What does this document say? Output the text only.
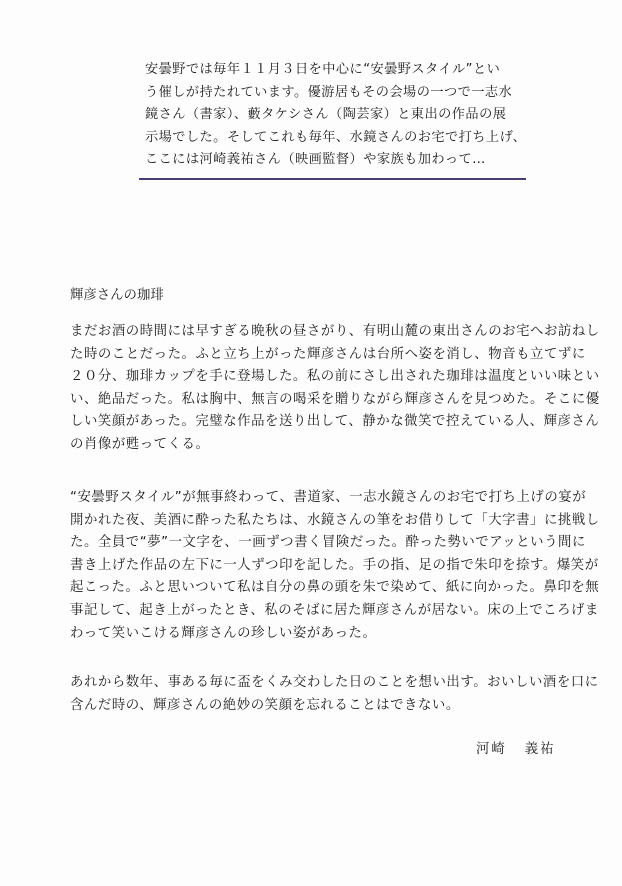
安曇野では毎年１１月３日を中心に“安曇野スタイル”とい

う催しが持たれています。優游居もその会場の一つで一志水

鏡さん（書家）、藪タケシさん（陶芸家）と東出の作品の展

示場でした。そしてこれも毎年、水鏡さんのお宅で打ち上げ、

ここには河崎義祐さん（映画監督）や家族も加わって…

輝彦さんの珈琲

まだお酒の時間には早すぎる晩秋の昼さがり、有明山麓の東出さんのお宅へお訪ねし

た時のことだった。ふと立ち上がった輝彦さんは台所へ姿を消し、物音も立てずに

２０分、珈琲カップを手に登場した。私の前にさし出された珈琲は温度といい味とい

い、絶品だった。私は胸中、無言の喝采を贈りながら輝彦さんを見つめた。そこに優

しい笑顔があった。完璧な作品を送り出して、静かな微笑で控えている人、輝彦さん

の肖像が甦ってくる。

“安曇野スタイル”が無事終わって、書道家、一志水鏡さんのお宅で打ち上げの宴が

開かれた夜、美酒に酔った私たちは、水鏡さんの筆をお借りして「大字書」に挑戦し

た。全員で“夢”一文字を、一画ずつ書く冒険だった。酔った勢いでアッという間に

書き上げた作品の左下に一人ずつ印を記した。手の指、足の指で朱印を捺す。爆笑が

起こった。ふと思いついて私は自分の鼻の頭を朱で染めて、紙に向かった。鼻印を無

事記して、起き上がったとき、私のそばに居た輝彦さんが居ない。床の上でころげま

わって笑いこける輝彦さんの珍しい姿があった。

あれから数年、事ある毎に盃をくみ交わした日のことを想い出す。おいしい酒を口に

含んだ時の、輝彦さんの絶妙の笑顔を忘れることはできない。

河崎 義祐
